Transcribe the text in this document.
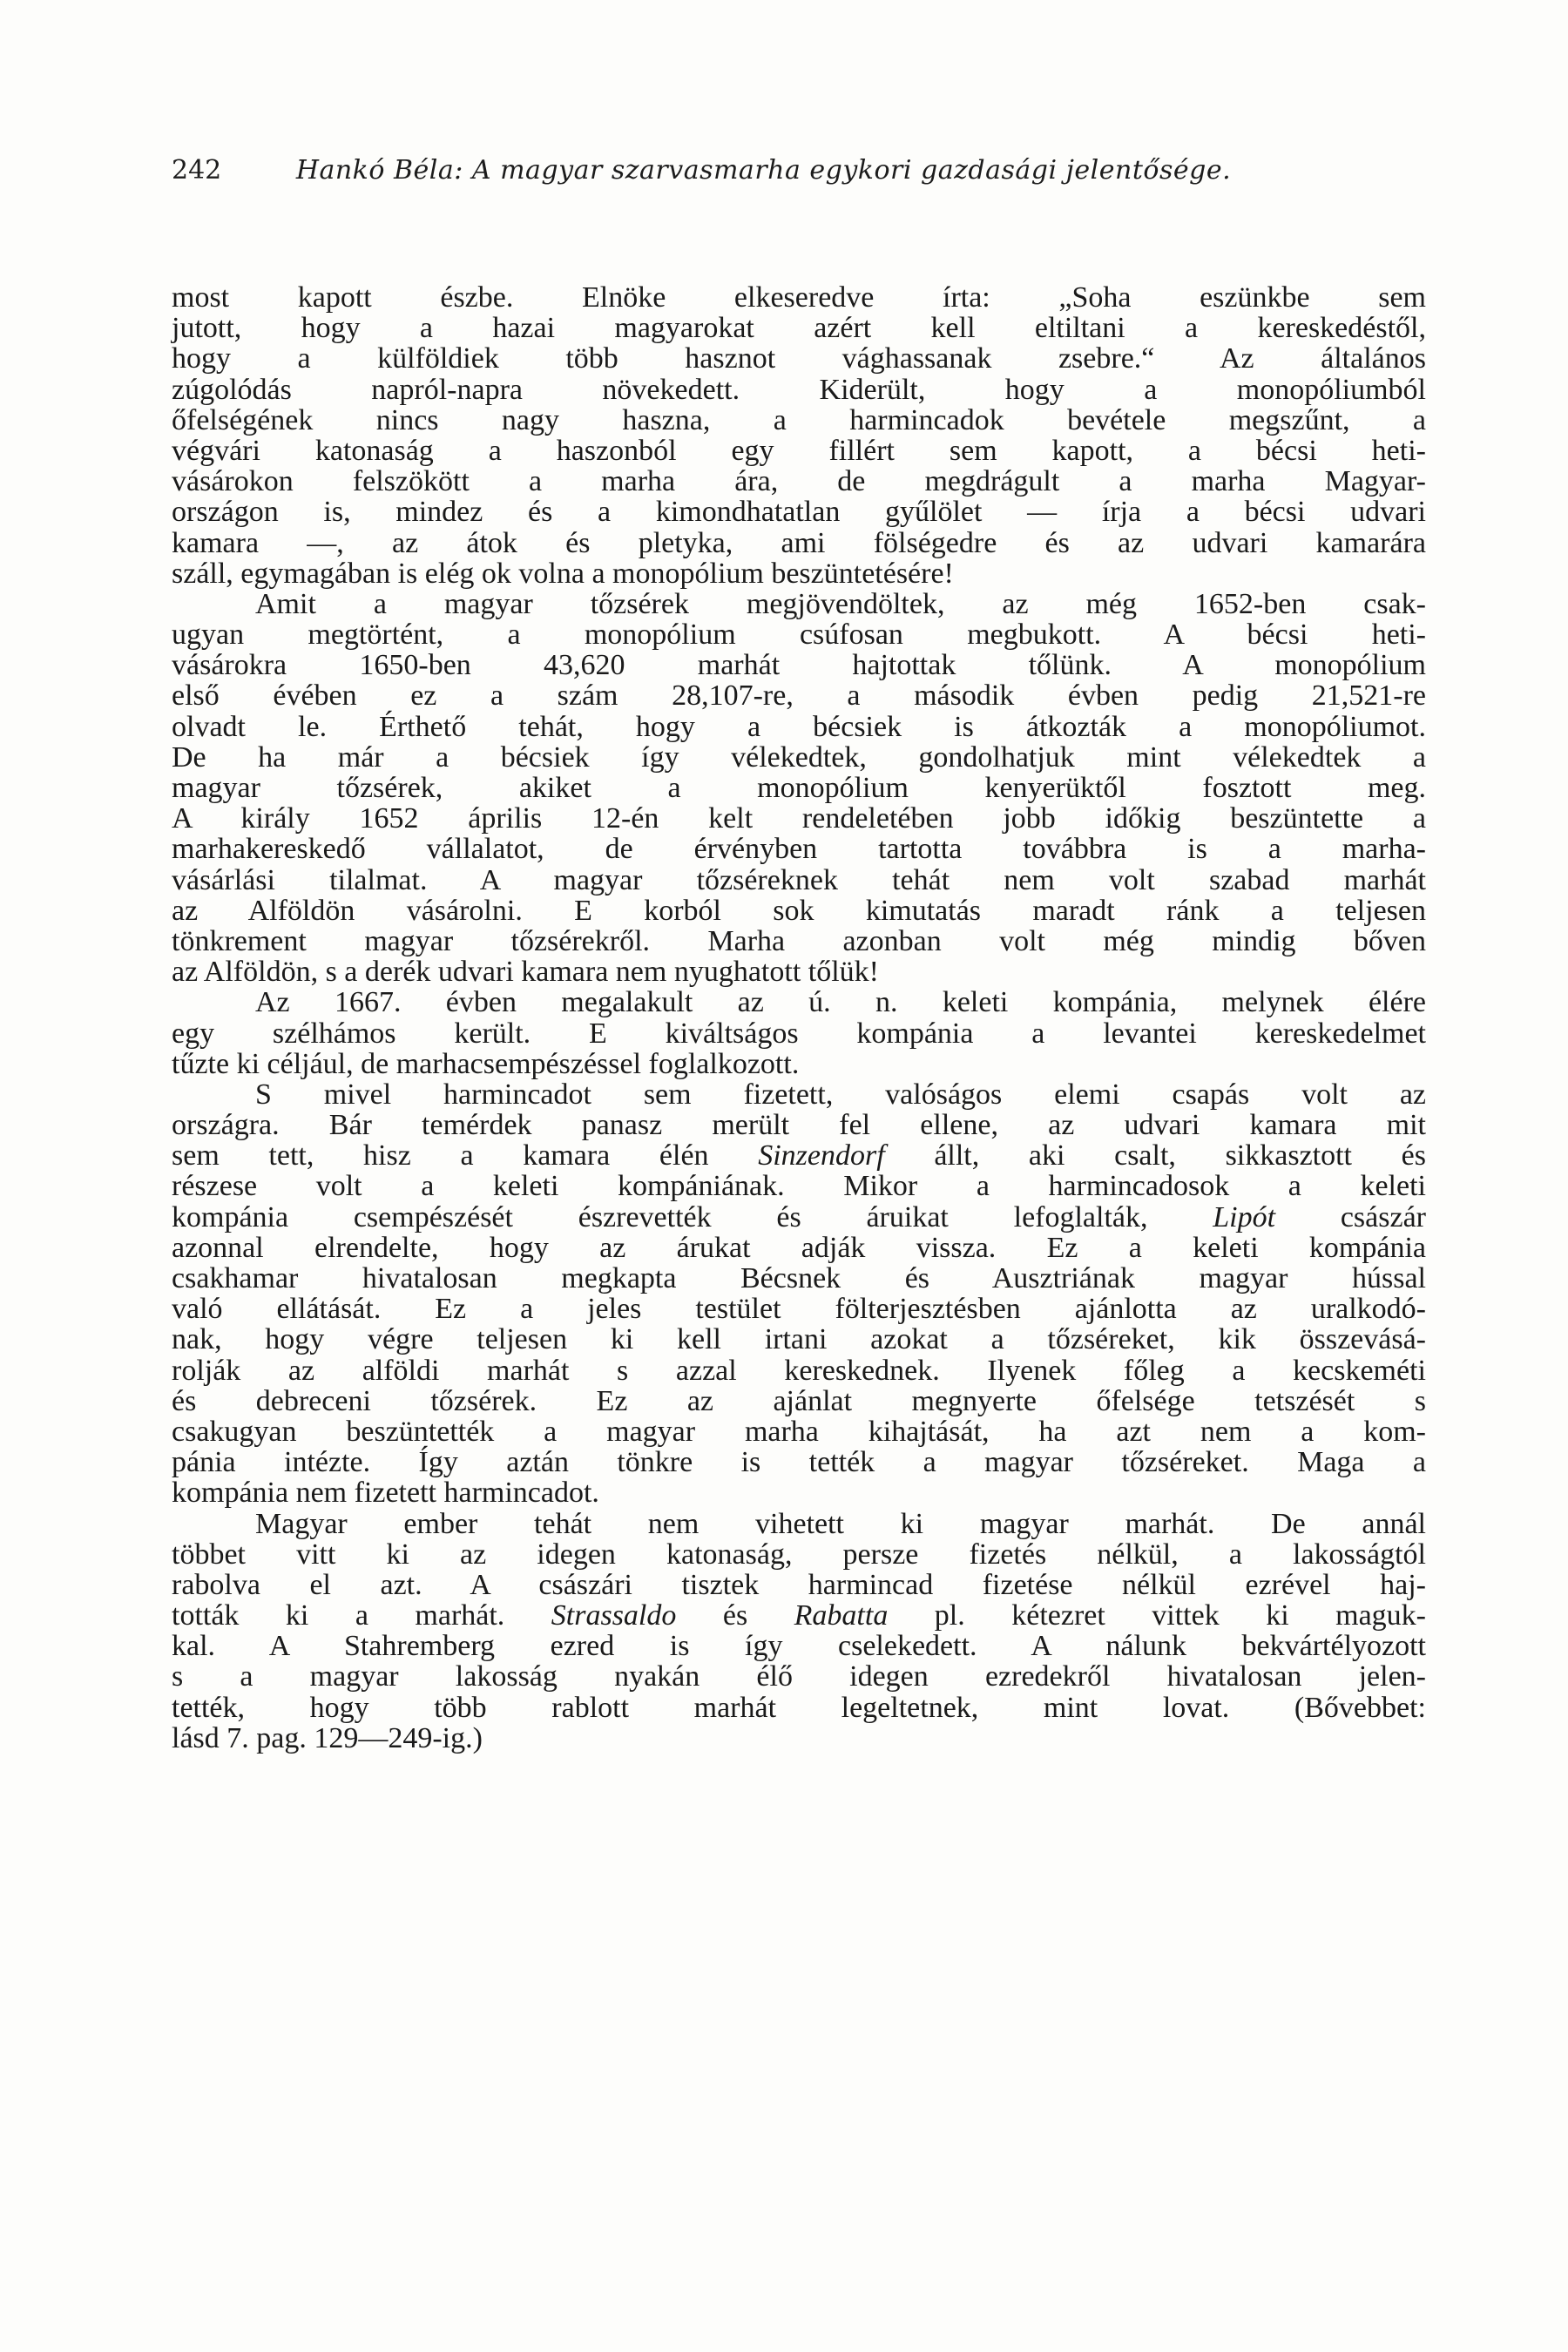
242	Hankó Béla: A magyar szarvasmarha egykori gazdasági jelentősége.
most kapott észbe. Elnöke elkeseredve írta: „Soha eszünkbe sem
jutott, hogy a hazai magyarokat azért kell eltiltani a kereskedéstől,
hogy a külföldiek több hasznot vághassanak zsebre.“ Az általános
zúgolódás napról-napra növekedett. Kiderült, hogy a monopóliumból
őfelségének nincs nagy haszna, a harmincadok bevétele megszűnt, a
végvári katonaság a haszonból egy fillért sem kapott, a bécsi heti-
vásárokon felszökött a marha ára, de megdrágult a marha Magyar-
országon is, mindez és a kimondhatatlan gyűlölet — írja a bécsi udvari
kamara —, az átok és pletyka, ami fölségedre és az udvari kamarára
száll, egymagában is elég ok volna a monopólium beszüntetésére!
Amit a magyar tőzsérek megjövendöltek, az még 1652-ben csak-
ugyan megtörtént, a monopólium csúfosan megbukott. A bécsi heti-
vásárokra 1650-ben 43,620 marhát hajtottak tőlünk. A monopólium
első évében ez a szám 28,107-re, a második évben pedig 21,521-re
olvadt le. Érthető tehát, hogy a bécsiek is átkozták a monopóliumot.
De ha már a bécsiek így vélekedtek, gondolhatjuk mint vélekedtek a
magyar tőzsérek, akiket a monopólium kenyerüktől fosztott meg.
A király 1652 április 12-én kelt rendeletében jobb időkig beszüntette a
marhakereskedő vállalatot, de érvényben tartotta továbbra is a marha-
vásárlási tilalmat. A magyar tőzséreknek tehát nem volt szabad marhát
az Alföldön vásárolni. E korból sok kimutatás maradt ránk a teljesen
tönkrement magyar tőzsérekről. Marha azonban volt még mindig bőven
az Alföldön, s a derék udvari kamara nem nyughatott tőlük!
Az 1667. évben megalakult az ú. n. keleti kompánia, melynek élére
egy szélhámos került. E kiváltságos kompánia a levantei kereskedelmet
tűzte ki céljául, de marhacsempészéssel foglalkozott.
S mivel harmincadot sem fizetett, valóságos elemi csapás volt az
országra. Bár temérdek panasz merült fel ellene, az udvari kamara mit
sem tett, hisz a kamara élén Sinzendorf állt, aki csalt, sikkasztott és
részese volt a keleti kompániának. Mikor a harmincadosok a keleti
kompánia csempészését észrevették és áruikat lefoglalták, Lipót császár
azonnal elrendelte, hogy az árukat adják vissza. Ez a keleti kompánia
csakhamar hivatalosan megkapta Bécsnek és Ausztriának magyar hússal
való ellátását. Ez a jeles testület fölterjesztésben ajánlotta az uralkodó-
nak, hogy végre teljesen ki kell irtani azokat a tőzséreket, kik összevásá-
rolják az alföldi marhát s azzal kereskednek. Ilyenek főleg a kecskeméti
és debreceni tőzsérek. Ez az ajánlat megnyerte őfelsége tetszését s
csakugyan beszüntették a magyar marha kihajtását, ha azt nem a kom-
pánia intézte. Így aztán tönkre is tették a magyar tőzséreket. Maga a
kompánia nem fizetett harmincadot.
Magyar ember tehát nem vihetett ki magyar marhát. De annál
többet vitt ki az idegen katonaság, persze fizetés nélkül, a lakosságtól
rabolva el azt. A császári tisztek harmincad fizetése nélkül ezrével haj-
tották ki a marhát. Strassaldo és Rabatta pl. kétezret vittek ki maguk-
kal. A Stahremberg ezred is így cselekedett. A nálunk bekvártélyozott
s a magyar lakosság nyakán élő idegen ezredekről hivatalosan jelen-
tették, hogy több rablott marhát legeltetnek, mint lovat. (Bővebbet:
lásd 7. pag. 129—249-ig.)
